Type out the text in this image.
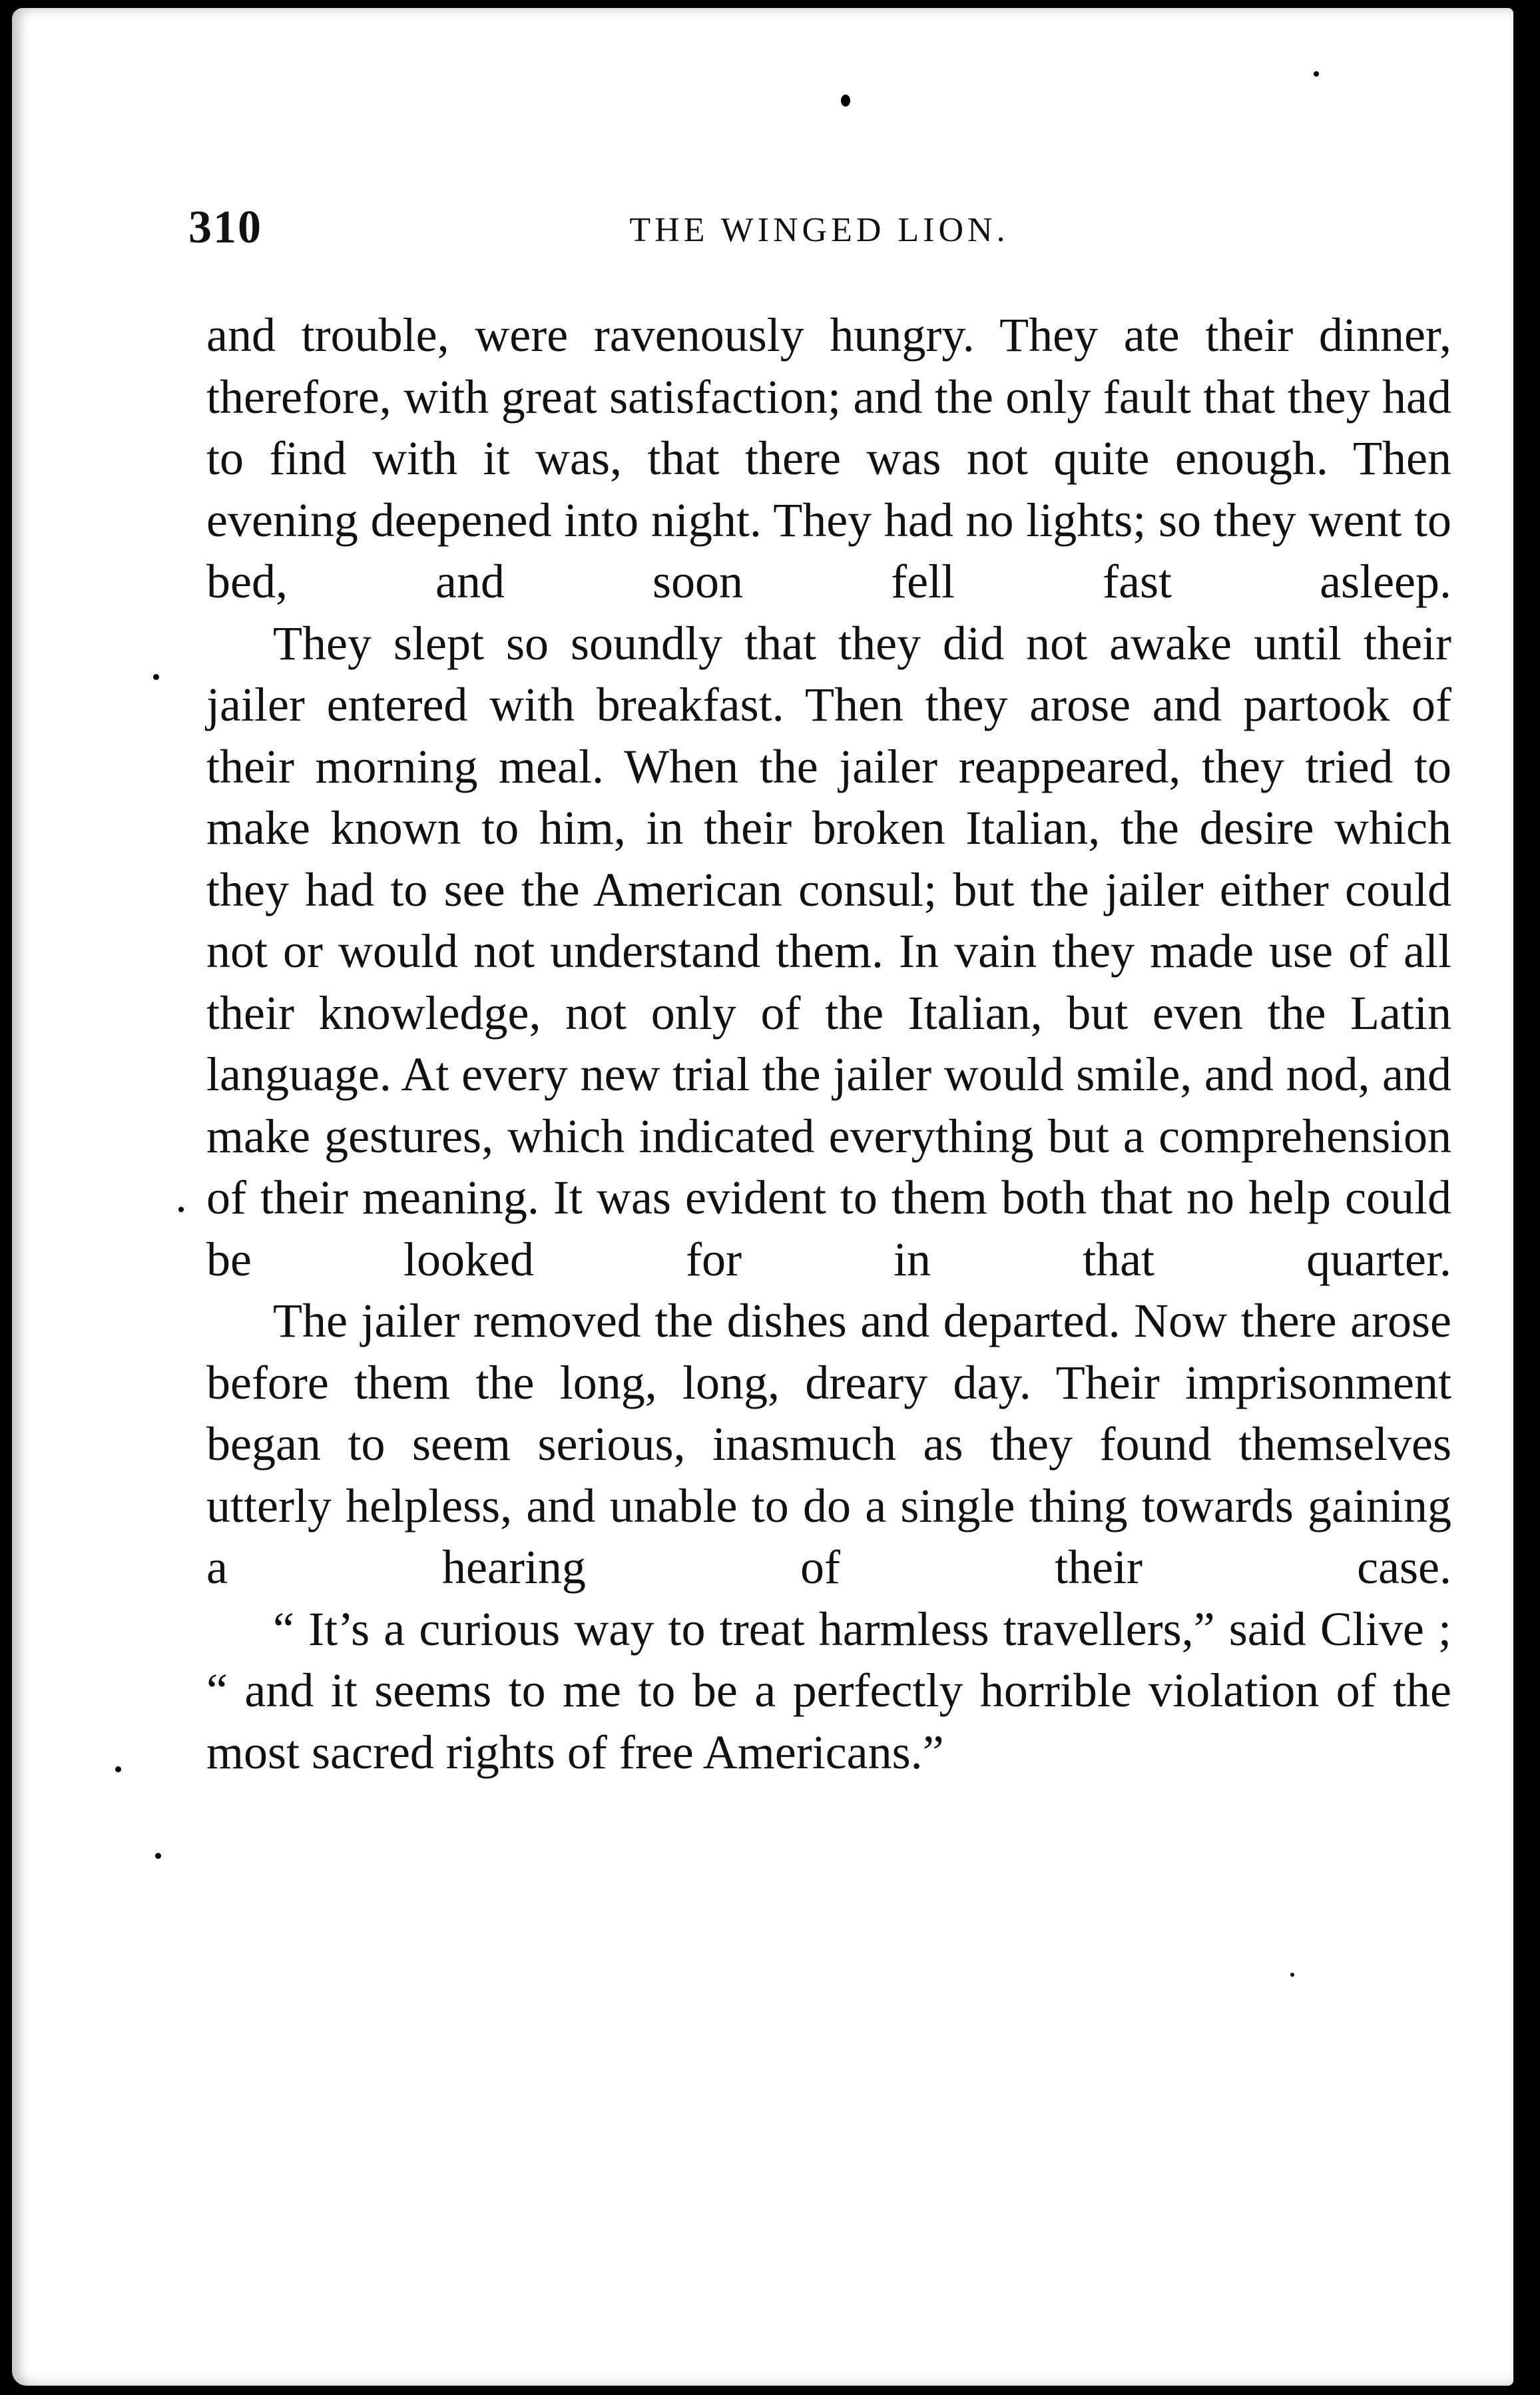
310	THE WINGED LION.

and trouble, were ravenously hungry. They ate their dinner, therefore, with great satisfaction; and the only fault that they had to find with it was, that there was not quite enough. Then evening deepened into night. They had no lights; so they went to bed, and soon fell fast asleep.

They slept so soundly that they did not awake until their jailer entered with breakfast. Then they arose and partook of their morning meal. When the jailer reappeared, they tried to make known to him, in their broken Italian, the desire which they had to see the American consul; but the jailer either could not or would not understand them. In vain they made use of all their knowledge, not only of the Italian, but even the Latin language. At every new trial the jailer would smile, and nod, and make gestures, which indicated everything but a comprehension of their meaning. It was evident to them both that no help could be looked for in that quarter.

The jailer removed the dishes and departed. Now there arose before them the long, long, dreary day. Their imprisonment began to seem serious, inasmuch as they found themselves utterly helpless, and unable to do a single thing towards gaining a hearing of their case.

“ It’s a curious way to treat harmless travellers,” said Clive ; “ and it seems to me to be a perfectly horrible violation of the most sacred rights of free Americans.”
